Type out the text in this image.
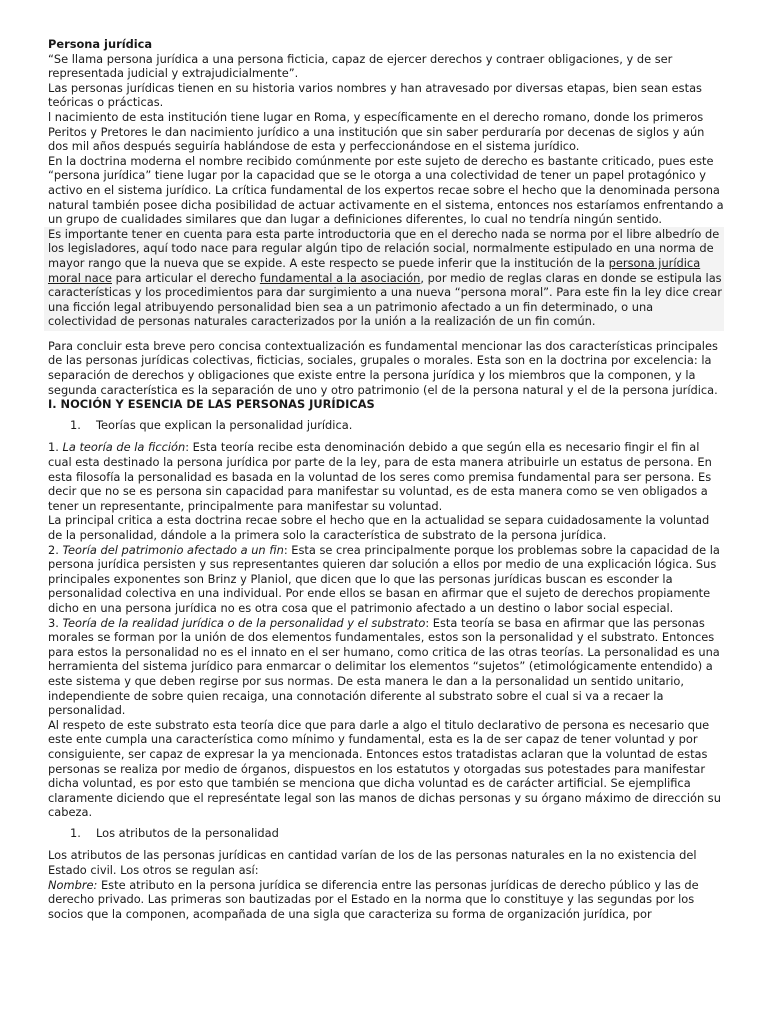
Persona jurídica

“Se llama persona jurídica a una persona ficticia, capaz de ejercer derechos y contraer obligaciones, y de ser representada judicial y extrajudicialmente”.

Las personas jurídicas tienen en su historia varios nombres y han atravesado por diversas etapas, bien sean estas teóricas o prácticas.

l nacimiento de esta institución tiene lugar en Roma, y específicamente en el derecho romano, donde los primeros Peritos y Pretores le dan nacimiento jurídico a una institución que sin saber perduraría por decenas de siglos y aún dos mil años después seguiría hablándose de esta y perfeccionándose en el sistema jurídico.

En la doctrina moderna el nombre recibido comúnmente por este sujeto de derecho es bastante criticado, pues este “persona jurídica” tiene lugar por la capacidad que se le otorga a una colectividad de tener un papel protagónico y activo en el sistema jurídico. La crítica fundamental de los expertos recae sobre el hecho que la denominada persona natural también posee dicha posibilidad de actuar activamente en el sistema, entonces nos estaríamos enfrentando a un grupo de cualidades similares que dan lugar a definiciones diferentes, lo cual no tendría ningún sentido.

Es importante tener en cuenta para esta parte introductoria que en el derecho nada se norma por el libre albedrío de los legisladores, aquí todo nace para regular algún tipo de relación social, normalmente estipulado en una norma de mayor rango que la nueva que se expide. A este respecto se puede inferir que la institución de la persona jurídica moral nace para articular el derecho fundamental a la asociación, por medio de reglas claras en donde se estipula las características y los procedimientos para dar surgimiento a una nueva “persona moral”. Para este fin la ley dice crear una ficción legal atribuyendo personalidad bien sea a un patrimonio afectado a un fin determinado, o una colectividad de personas naturales caracterizados por la unión a la realización de un fin común.

Para concluir esta breve pero concisa contextualización es fundamental mencionar las dos características principales de las personas jurídicas colectivas, ficticias, sociales, grupales o morales. Esta son en la doctrina por excelencia: la separación de derechos y obligaciones que existe entre la persona jurídica y los miembros que la componen, y la segunda característica es la separación de uno y otro patrimonio (el de la persona natural y el de la persona jurídica.

I. NOCIÓN Y ESENCIA DE LAS PERSONAS JURÍDICAS

1. Teorías que explican la personalidad jurídica.

1. La teoría de la ficción: Esta teoría recibe esta denominación debido a que según ella es necesario fingir el fin al cual esta destinado la persona jurídica por parte de la ley, para de esta manera atribuirle un estatus de persona. En esta filosofía la personalidad es basada en la voluntad de los seres como premisa fundamental para ser persona. Es decir que no se es persona sin capacidad para manifestar su voluntad, es de esta manera como se ven obligados a tener un representante, principalmente para manifestar su voluntad.

La principal critica a esta doctrina recae sobre el hecho que en la actualidad se separa cuidadosamente la voluntad de la personalidad, dándole a la primera solo la característica de substrato de la persona jurídica.

2. Teoría del patrimonio afectado a un fin: Esta se crea principalmente porque los problemas sobre la capacidad de la persona jurídica persisten y sus representantes quieren dar solución a ellos por medio de una explicación lógica. Sus principales exponentes son Brinz y Planiol, que dicen que lo que las personas jurídicas buscan es esconder la personalidad colectiva en una individual. Por ende ellos se basan en afirmar que el sujeto de derechos propiamente dicho en una persona jurídica no es otra cosa que el patrimonio afectado a un destino o labor social especial.

3. Teoría de la realidad jurídica o de la personalidad y el substrato: Esta teoría se basa en afirmar que las personas morales se forman por la unión de dos elementos fundamentales, estos son la personalidad y el substrato. Entonces para estos la personalidad no es el innato en el ser humano, como critica de las otras teorías. La personalidad es una herramienta del sistema jurídico para enmarcar o delimitar los elementos “sujetos” (etimológicamente entendido) a este sistema y que deben regirse por sus normas. De esta manera le dan a la personalidad un sentido unitario, independiente de sobre quien recaiga, una connotación diferente al substrato sobre el cual si va a recaer la personalidad.

Al respeto de este substrato esta teoría dice que para darle a algo el titulo declarativo de persona es necesario que este ente cumpla una característica como mínimo y fundamental, esta es la de ser capaz de tener voluntad y por consiguiente, ser capaz de expresar la ya mencionada. Entonces estos tratadistas aclaran que la voluntad de estas personas se realiza por medio de órganos, dispuestos en los estatutos y otorgadas sus potestades para manifestar dicha voluntad, es por esto que también se menciona que dicha voluntad es de carácter artificial. Se ejemplifica claramente diciendo que el represéntate legal son las manos de dichas personas y su órgano máximo de dirección su cabeza.

1. Los atributos de la personalidad

Los atributos de las personas jurídicas en cantidad varían de los de las personas naturales en la no existencia del Estado civil. Los otros se regulan así:

Nombre: Este atributo en la persona jurídica se diferencia entre las personas jurídicas de derecho público y las de derecho privado. Las primeras son bautizadas por el Estado en la norma que lo constituye y las segundas por los socios que la componen, acompañada de una sigla que caracteriza su forma de organización jurídica, por
